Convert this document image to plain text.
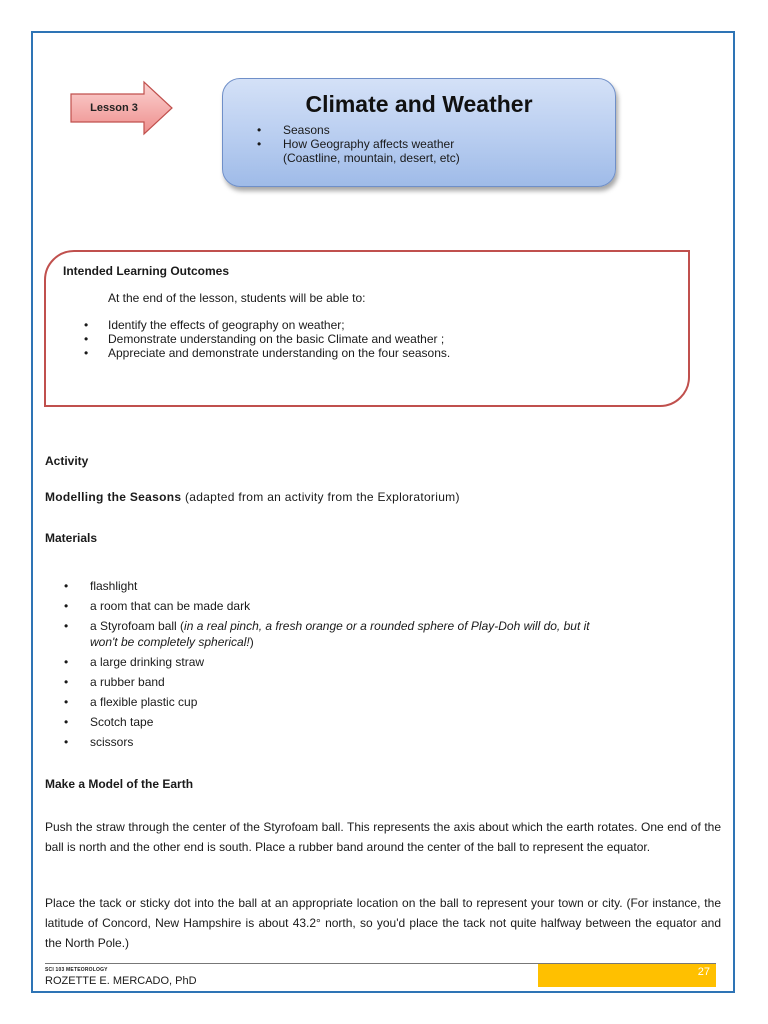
Lesson 3	Climate and Weather
• Seasons
• How Geography affects weather
(Coastline, mountain, desert, etc)
Intended Learning Outcomes
At the end of the lesson, students will be able to:
• Identify the effects of geography on weather;
• Demonstrate understanding on the basic Climate and weather ;
• Appreciate and demonstrate understanding on the four seasons.
Activity
Modelling the Seasons (adapted from an activity from the Exploratorium)
Materials
• flashlight
• a room that can be made dark
• a Styrofoam ball (in a real pinch, a fresh orange or a rounded sphere of Play-Doh will do, but it
won't be completely spherical!)
• a large drinking straw
• a rubber band
• a flexible plastic cup
• Scotch tape
• scissors
Make a Model of the Earth
Push the straw through the center of the Styrofoam ball. This represents the axis about which the earth rotates. One end of the ball is north and the other end is south. Place a rubber band around the center of the ball to represent the equator.
Place the tack or sticky dot into the ball at an appropriate location on the ball to represent your town or city. (For instance, the latitude of Concord, New Hampshire is about 43.2° north, so you'd place the tack not quite halfway between the equator and the North Pole.)
SCI 103 METEOROLOGY
ROZETTE E. MERCADO, PhD
27
